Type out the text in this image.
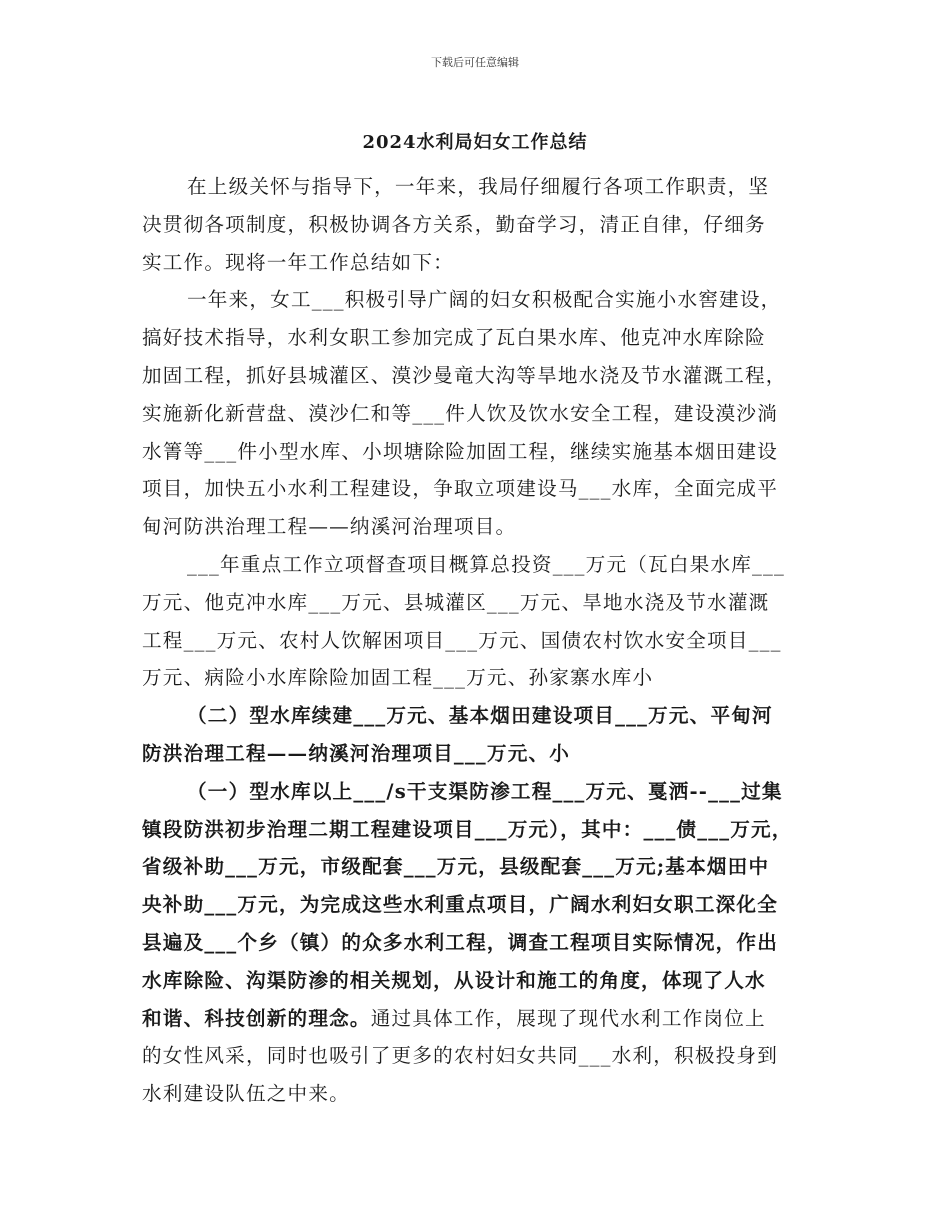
下载后可任意编辑
2024水利局妇女工作总结
在上级关怀与指导下，一年来，我局仔细履行各项工作职责，坚
决贯彻各项制度，积极协调各方关系，勤奋学习，清正自律，仔细务
实工作。现将一年工作总结如下：
一年来，女工___积极引导广阔的妇女积极配合实施小水窖建设，
搞好技术指导，水利女职工参加完成了瓦白果水库、他克冲水库除险
加固工程，抓好县城灌区、漠沙曼竜大沟等旱地水浇及节水灌溉工程，
实施新化新营盘、漠沙仁和等___件人饮及饮水安全工程，建设漠沙淌
水箐等___件小型水库、小坝塘除险加固工程，继续实施基本烟田建设
项目，加快五小水利工程建设，争取立项建设马___水库，全面完成平
甸河防洪治理工程——纳溪河治理项目。
___年重点工作立项督查项目概算总投资___万元（瓦白果水库___
万元、他克冲水库___万元、县城灌区___万元、旱地水浇及节水灌溉
工程___万元、农村人饮解困项目___万元、国债农村饮水安全项目___
万元、病险小水库除险加固工程___万元、孙家寨水库小
（二）型水库续建___万元、基本烟田建设项目___万元、平甸河
防洪治理工程——纳溪河治理项目___万元、小
（一）型水库以上___/s干支渠防渗工程___万元、戛洒--___过集
镇段防洪初步治理二期工程建设项目___万元），其中：___债___万元，
省级补助___万元，市级配套___万元，县级配套___万元;基本烟田中
央补助___万元，为完成这些水利重点项目，广阔水利妇女职工深化全
县遍及___个乡（镇）的众多水利工程，调查工程项目实际情况，作出
水库除险、沟渠防渗的相关规划，从设计和施工的角度，体现了人水
和谐、科技创新的理念。通过具体工作，展现了现代水利工作岗位上
的女性风采，同时也吸引了更多的农村妇女共同___水利，积极投身到
水利建设队伍之中来。
